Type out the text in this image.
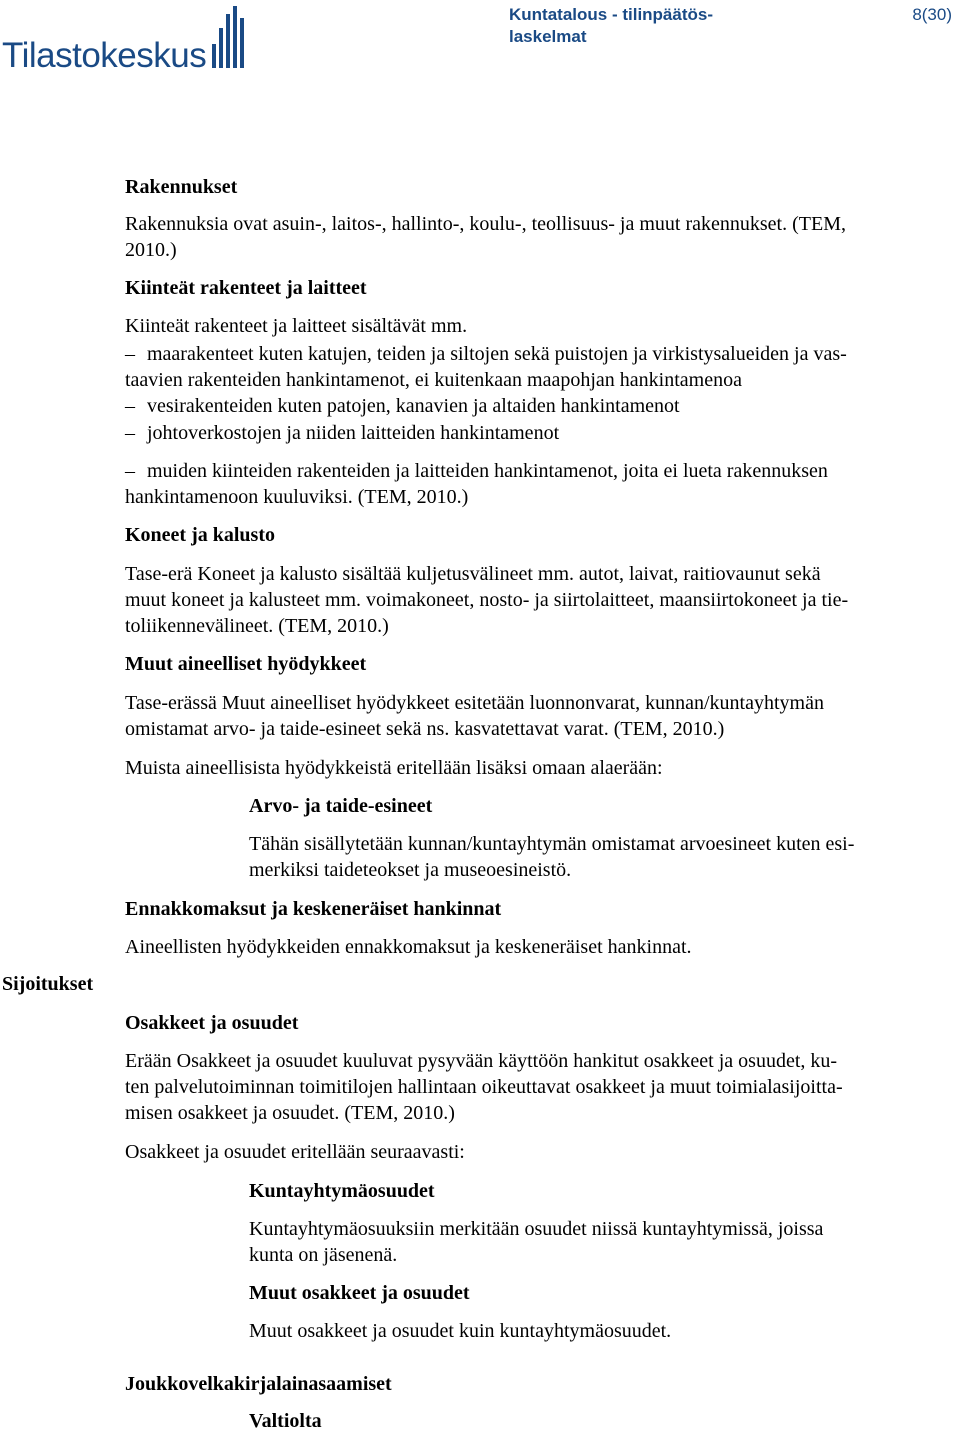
Tilastokeskus
Kuntatalous - tilinpäätös-laskelmat
8(30)
Rakennukset
Rakennuksia ovat asuin-, laitos-, hallinto-, koulu-, teollisuus- ja muut rakennukset. (TEM,
2010.)
Kiinteät rakenteet ja laitteet
Kiinteät rakenteet ja laitteet sisältävät mm.
– maarakenteet kuten katujen, teiden ja siltojen sekä puistojen ja virkistysalueiden ja vas-
taavien rakenteiden hankintamenot, ei kuitenkaan maapohjan hankintamenoa
– vesirakenteiden kuten patojen, kanavien ja altaiden hankintamenot
– johtoverkostojen ja niiden laitteiden hankintamenot
– muiden kiinteiden rakenteiden ja laitteiden hankintamenot, joita ei lueta rakennuksen
hankintamenoon kuuluviksi. (TEM, 2010.)
Koneet ja kalusto
Tase-erä Koneet ja kalusto sisältää kuljetusvälineet mm. autot, laivat, raitiovaunut sekä
muut koneet ja kalusteet mm. voimakoneet, nosto- ja siirtolaitteet, maansiirtokoneet ja tie-
toliikennevälineet. (TEM, 2010.)
Muut aineelliset hyödykkeet
Tase-erässä Muut aineelliset hyödykkeet esitetään luonnonvarat, kunnan/kuntayhtymän
omistamat arvo- ja taide-esineet sekä ns. kasvatettavat varat. (TEM, 2010.)
Muista aineellisista hyödykkeistä eritellään lisäksi omaan alaerään:
Arvo- ja taide-esineet
Tähän sisällytetään kunnan/kuntayhtymän omistamat arvoesineet kuten esi-
merkiksi taideteokset ja museoesineistö.
Ennakkomaksut ja keskeneräiset hankinnat
Aineellisten hyödykkeiden ennakkomaksut ja keskeneräiset hankinnat.
Sijoitukset
Osakkeet ja osuudet
Erään Osakkeet ja osuudet kuuluvat pysyvään käyttöön hankitut osakkeet ja osuudet, ku-
ten palvelutoiminnan toimitilojen hallintaan oikeuttavat osakkeet ja muut toimialasijoitta-
misen osakkeet ja osuudet. (TEM, 2010.)
Osakkeet ja osuudet eritellään seuraavasti:
Kuntayhtymäosuudet
Kuntayhtymäosuuksiin merkitään osuudet niissä kuntayhtymissä, joissa
kunta on jäsenenä.
Muut osakkeet ja osuudet
Muut osakkeet ja osuudet kuin kuntayhtymäosuudet.
Joukkovelkakirjalainasaamiset
Valtiolta
